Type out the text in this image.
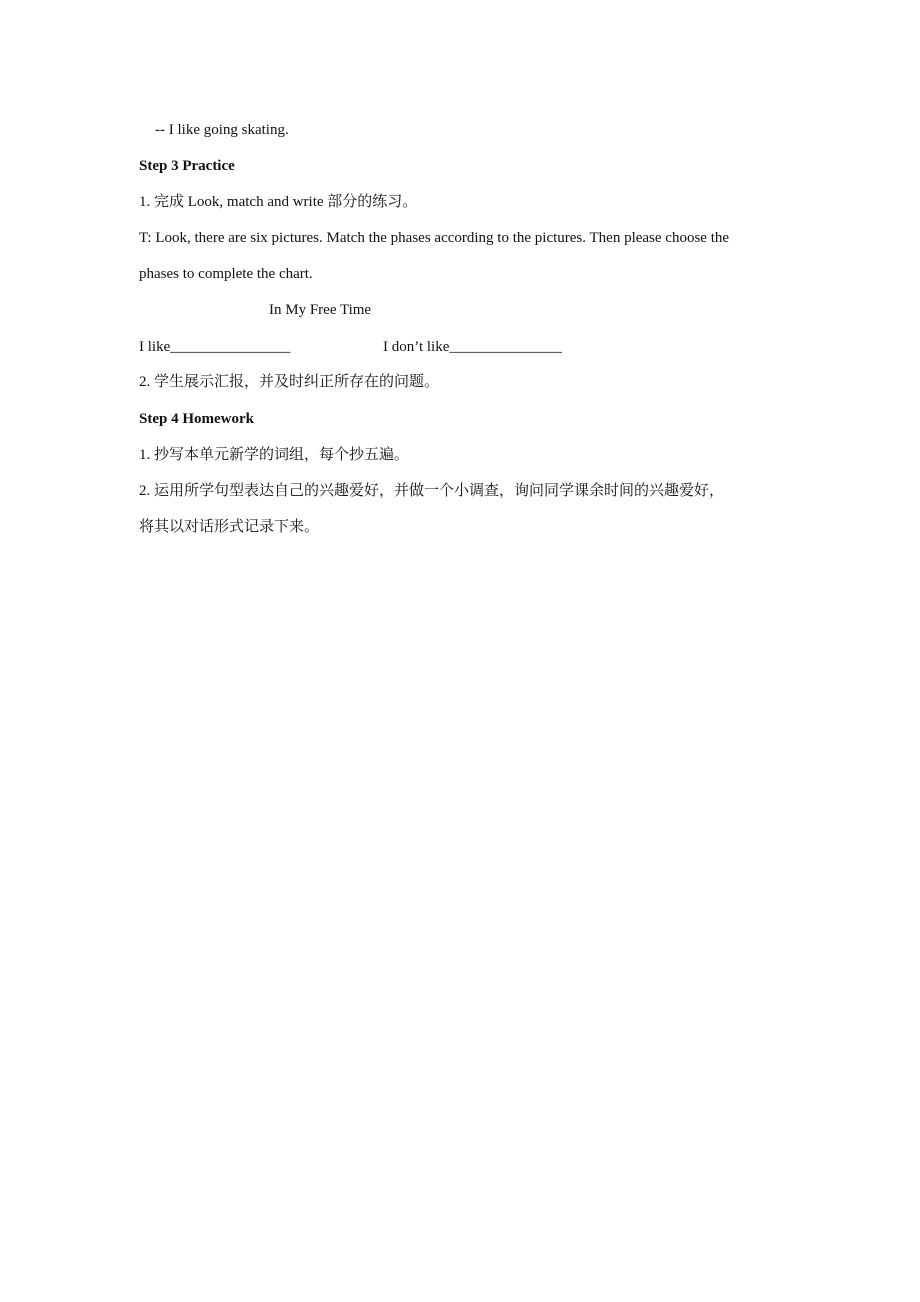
-- I like going skating.
Step 3 Practice
1. 完成 Look, match and write 部分的练习。
T: Look, there are six pictures. Match the phases according to the pictures. Then please choose the
phases to complete the chart.
In My Free Time
I like________________	I don’t like_______________
2. 学生展示汇报，并及时纠正所存在的问题。
Step 4 Homework
1. 抄写本单元新学的词组，每个抄五遍。
2. 运用所学句型表达自己的兴趣爱好，并做一个小调查，询问同学课余时间的兴趣爱好，
将其以对话形式记录下来。
